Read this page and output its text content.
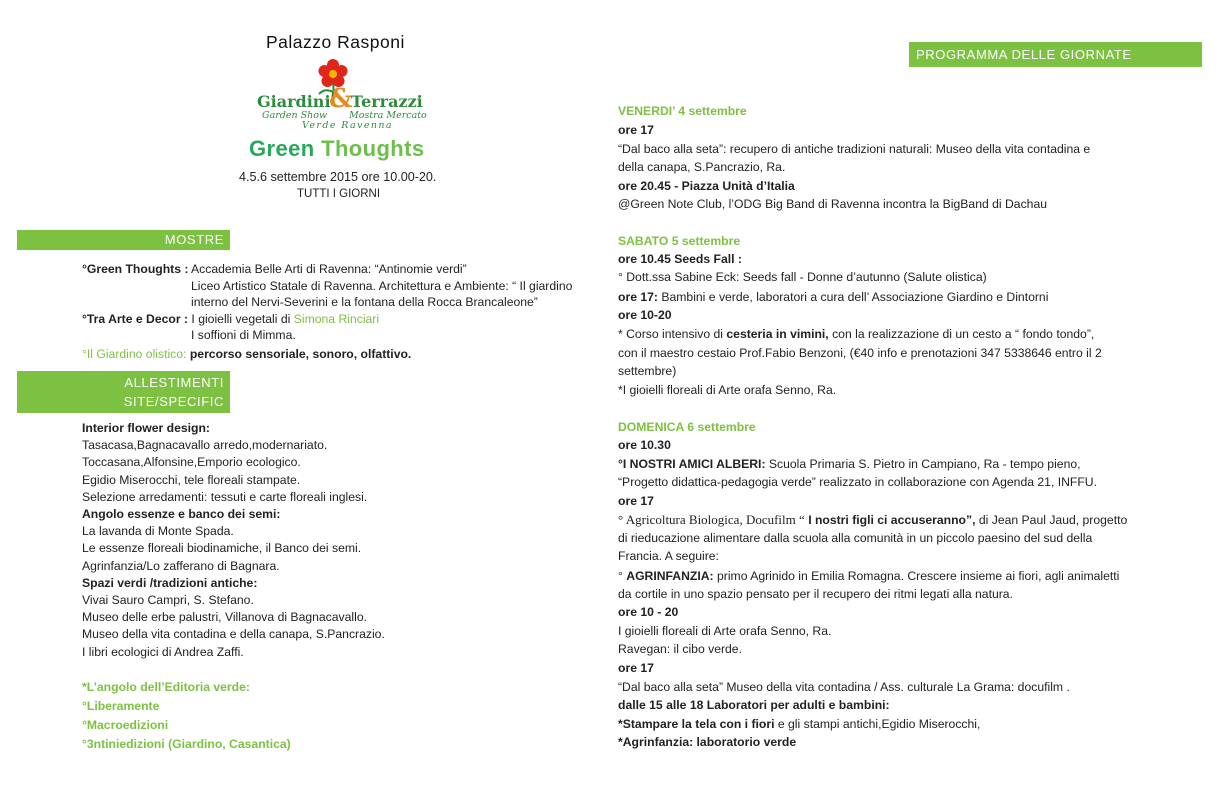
Palazzo Rasponi
Giardini
&
Terrazzi
Garden Show Mostra Mercato
Verde Ravenna
Green Thoughts
4.5.6 settembre 2015 ore 10.00-20.
TUTTI I GIORNI
MOSTRE
°Green Thoughts : Accademia Belle Arti di Ravenna: “Antinomie verdi”
Liceo Artistico Statale di Ravenna. Architettura e Ambiente: “ Il giardino
interno del Nervi-Severini e la fontana della Rocca Brancaleone”
°Tra Arte e Decor : I gioielli vegetali di Simona Rinciari
I soffioni di Mimma.
°Il Giardino olistico: percorso sensoriale, sonoro, olfattivo.
ALLESTIMENTI
SITE/SPECIFIC
Interior flower design:
Tasacasa,Bagnacavallo arredo,modernariato.
Toccasana,Alfonsine,Emporio ecologico.
Egidio Miserocchi, tele floreali stampate.
Selezione arredamenti: tessuti e carte floreali inglesi.
Angolo essenze e banco dei semi:
La lavanda di Monte Spada.
Le essenze floreali biodinamiche, il Banco dei semi.
Agrinfanzia/Lo zafferano di Bagnara.
Spazi verdi /tradizioni antiche:
Vivai Sauro Campri, S. Stefano.
Museo delle erbe palustri, Villanova di Bagnacavallo.
Museo della vita contadina e della canapa, S.Pancrazio.
I libri ecologici di Andrea Zaffi.
*L’angolo dell’Editoria verde:
°Liberamente
°Macroedizioni
°3ntiniedizioni (Giardino, Casantica)
PROGRAMMA DELLE GIORNATE
VENERDI’ 4 settembre
ore 17
“Dal baco alla seta”: recupero di antiche tradizioni naturali: Museo della vita contadina e
della canapa, S.Pancrazio, Ra.
ore 20.45 - Piazza Unità d’Italia
@Green Note Club, l’ODG Big Band di Ravenna incontra la BigBand di Dachau
SABATO 5 settembre
ore 10.45 Seeds Fall :
° Dott.ssa Sabine Eck: Seeds fall - Donne d’autunno (Salute olistica)
ore 17: Bambini e verde, laboratori a cura dell’ Associazione Giardino e Dintorni
ore 10-20
* Corso intensivo di cesteria in vimini, con la realizzazione di un cesto a “ fondo tondo”,
con il maestro cestaio Prof.Fabio Benzoni, (€40 info e prenotazioni 347 5338646 entro il 2
settembre)
*I gioielli floreali di Arte orafa Senno, Ra.
DOMENICA 6 settembre
ore 10.30
°I NOSTRI AMICI ALBERI: Scuola Primaria S. Pietro in Campiano, Ra - tempo pieno,
“Progetto didattica-pedagogia verde” realizzato in collaborazione con Agenda 21, INFFU.
ore 17
° Agricoltura Biologica, Docufilm “ I nostri figli ci accuseranno”, di Jean Paul Jaud, progetto
di rieducazione alimentare dalla scuola alla comunità in un piccolo paesino del sud della
Francia. A seguire:
° AGRINFANZIA: primo Agrinido in Emilia Romagna. Crescere insieme ai fiori, agli animaletti
da cortile in uno spazio pensato per il recupero dei ritmi legati alla natura.
ore 10 - 20
I gioielli floreali di Arte orafa Senno, Ra.
Ravegan: il cibo verde.
ore 17
“Dal baco alla seta” Museo della vita contadina / Ass. culturale La Grama: docufilm .
dalle 15 alle 18 Laboratori per adulti e bambini:
*Stampare la tela con i fiori e gli stampi antichi,Egidio Miserocchi,
*Agrinfanzia: laboratorio verde
